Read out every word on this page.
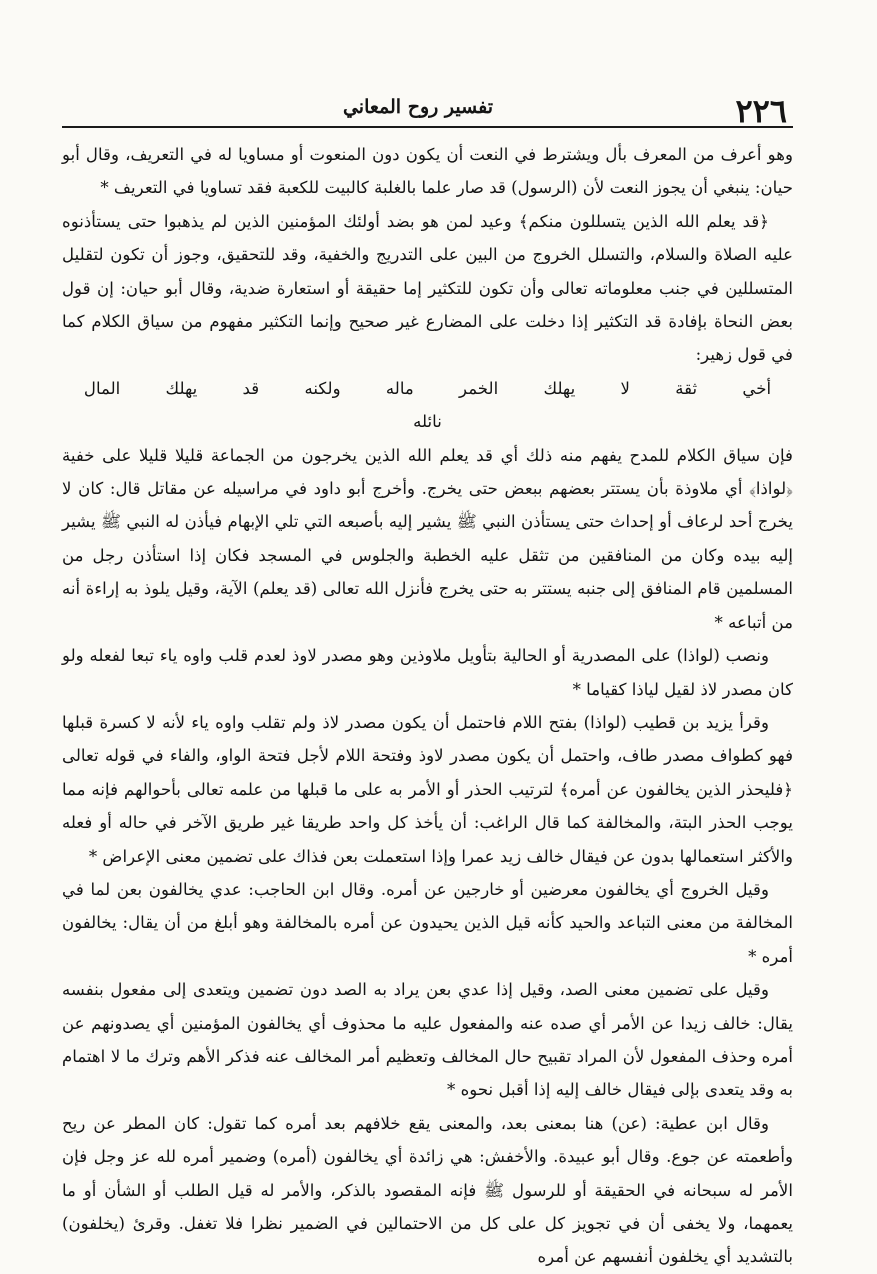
٢٢٦
تفسير روح المعاني

وهو أعرف من المعرف بأل ويشترط في النعت أن يكون دون المنعوت أو مساويا له في التعريف، وقال أبو حيان: ينبغي أن يجوز النعت لأن (الرسول) قد صار علما بالغلبة كالبيت للكعبة فقد تساويا في التعريف *

﴿قد يعلم الله الذين يتسللون منكم﴾ وعيد لمن هو بضد أولئك المؤمنين الذين لم يذهبوا حتى يستأذنوه عليه الصلاة والسلام، والتسلل الخروج من البين على التدريج والخفية، وقد للتحقيق، وجوز أن تكون لتقليل المتسللين في جنب معلوماته تعالى وأن تكون للتكثير إما حقيقة أو استعارة ضدية، وقال أبو حيان: إن قول بعض النحاة بإفادة قد التكثير إذا دخلت على المضارع غير صحيح وإنما التكثير مفهوم من سياق الكلام كما في قول زهير:

أخي ثقة لا يهلك الخمر ماله ولكنه قد يهلك المال نائله

فإن سياق الكلام للمدح يفهم منه ذلك أي قد يعلم الله الذين يخرجون من الجماعة قليلا قليلا على خفية ﴿لواذا﴾ أي ملاوذة بأن يستتر بعضهم ببعض حتى يخرج. وأخرج أبو داود في مراسيله عن مقاتل قال: كان لا يخرج أحد لرعاف أو إحداث حتى يستأذن النبي ﷺ يشير إليه بأصبعه التي تلي الإبهام فيأذن له النبي ﷺ يشير إليه بيده وكان من المنافقين من تثقل عليه الخطبة والجلوس في المسجد فكان إذا استأذن رجل من المسلمين قام المنافق إلى جنبه يستتر به حتى يخرج فأنزل الله تعالى (قد يعلم) الآية، وقيل يلوذ به إراءة أنه من أتباعه *

ونصب (لواذا) على المصدرية أو الحالية بتأويل ملاوذين وهو مصدر لاوذ لعدم قلب واوه ياء تبعا لفعله ولو كان مصدر لاذ لقيل لياذا كقياما *

وقرأ يزيد بن قطيب (لواذا) بفتح اللام فاحتمل أن يكون مصدر لاذ ولم تقلب واوه ياء لأنه لا كسرة قبلها فهو كطواف مصدر طاف، واحتمل أن يكون مصدر لاوذ وفتحة اللام لأجل فتحة الواو، والفاء في قوله تعالى ﴿فليحذر الذين يخالفون عن أمره﴾ لترتيب الحذر أو الأمر به على ما قبلها من علمه تعالى بأحوالهم فإنه مما يوجب الحذر البتة، والمخالفة كما قال الراغب: أن يأخذ كل واحد طريقا غير طريق الآخر في حاله أو فعله والأكثر استعمالها بدون عن فيقال خالف زيد عمرا وإذا استعملت بعن فذاك على تضمين معنى الإعراض *

وقيل الخروج أي يخالفون معرضين أو خارجين عن أمره. وقال ابن الحاجب: عدي يخالفون بعن لما في المخالفة من معنى التباعد والحيد كأنه قيل الذين يحيدون عن أمره بالمخالفة وهو أبلغ من أن يقال: يخالفون أمره *

وقيل على تضمين معنى الصد، وقيل إذا عدي بعن يراد به الصد دون تضمين ويتعدى إلى مفعول بنفسه يقال: خالف زيدا عن الأمر أي صده عنه والمفعول عليه ما محذوف أي يخالفون المؤمنين أي يصدونهم عن أمره وحذف المفعول لأن المراد تقبيح حال المخالف وتعظيم أمر المخالف عنه فذكر الأهم وترك ما لا اهتمام به وقد يتعدى بإلى فيقال خالف إليه إذا أقبل نحوه *

وقال ابن عطية: (عن) هنا بمعنى بعد، والمعنى يقع خلافهم بعد أمره كما تقول: كان المطر عن ريح وأطعمته عن جوع. وقال أبو عبيدة. والأخفش: هي زائدة أي يخالفون (أمره) وضمير أمره لله عز وجل فإن الأمر له سبحانه في الحقيقة أو للرسول ﷺ فإنه المقصود بالذكر، والأمر له قيل الطلب أو الشأن أو ما يعمهما، ولا يخفى أن في تجويز كل على كل من الاحتمالين في الضمير نظرا فلا تغفل. وقرئ (يخلفون) بالتشديد أي يخلفون أنفسهم عن أمره
